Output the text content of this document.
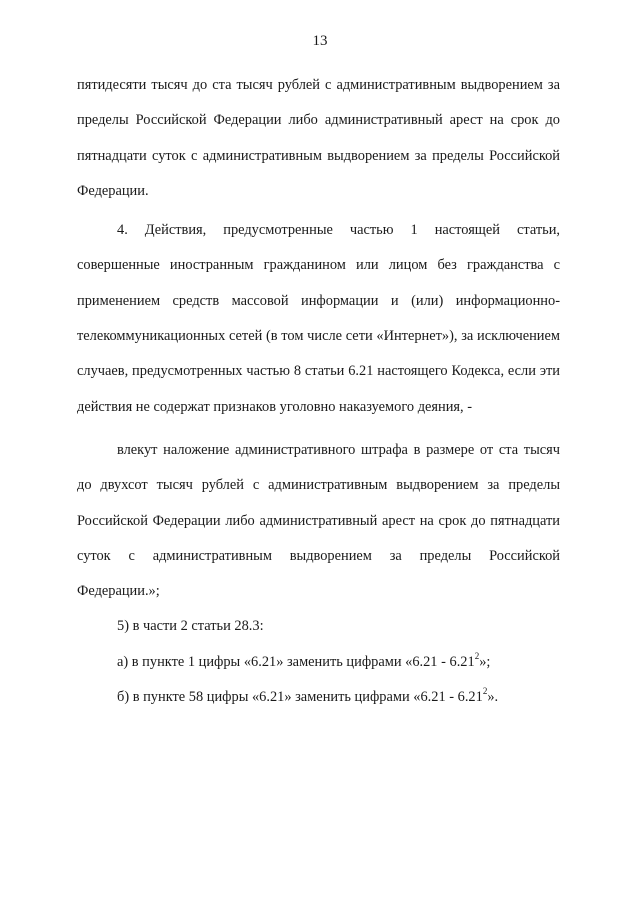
13

пятидесяти тысяч до ста тысяч рублей с административным выдворением за пределы Российской Федерации либо административный арест на срок до пятнадцати суток с административным выдворением за пределы Российской Федерации.

4. Действия, предусмотренные частью 1 настоящей статьи, совершенные иностранным гражданином или лицом без гражданства с применением средств массовой информации и (или) информационно-телекоммуникационных сетей (в том числе сети «Интернет»), за исключением случаев, предусмотренных частью 8 статьи 6.21 настоящего Кодекса, если эти действия не содержат признаков уголовно наказуемого деяния, -

влекут наложение административного штрафа в размере от ста тысяч до двухсот тысяч рублей с административным выдворением за пределы Российской Федерации либо административный арест на срок до пятнадцати суток с административным выдворением за пределы Российской Федерации.»;

5) в части 2 статьи 28.3:

а) в пункте 1 цифры «6.21» заменить цифрами «6.21 - 6.21$^2$»;

б) в пункте 58 цифры «6.21» заменить цифрами «6.21 - 6.21$^2$».
